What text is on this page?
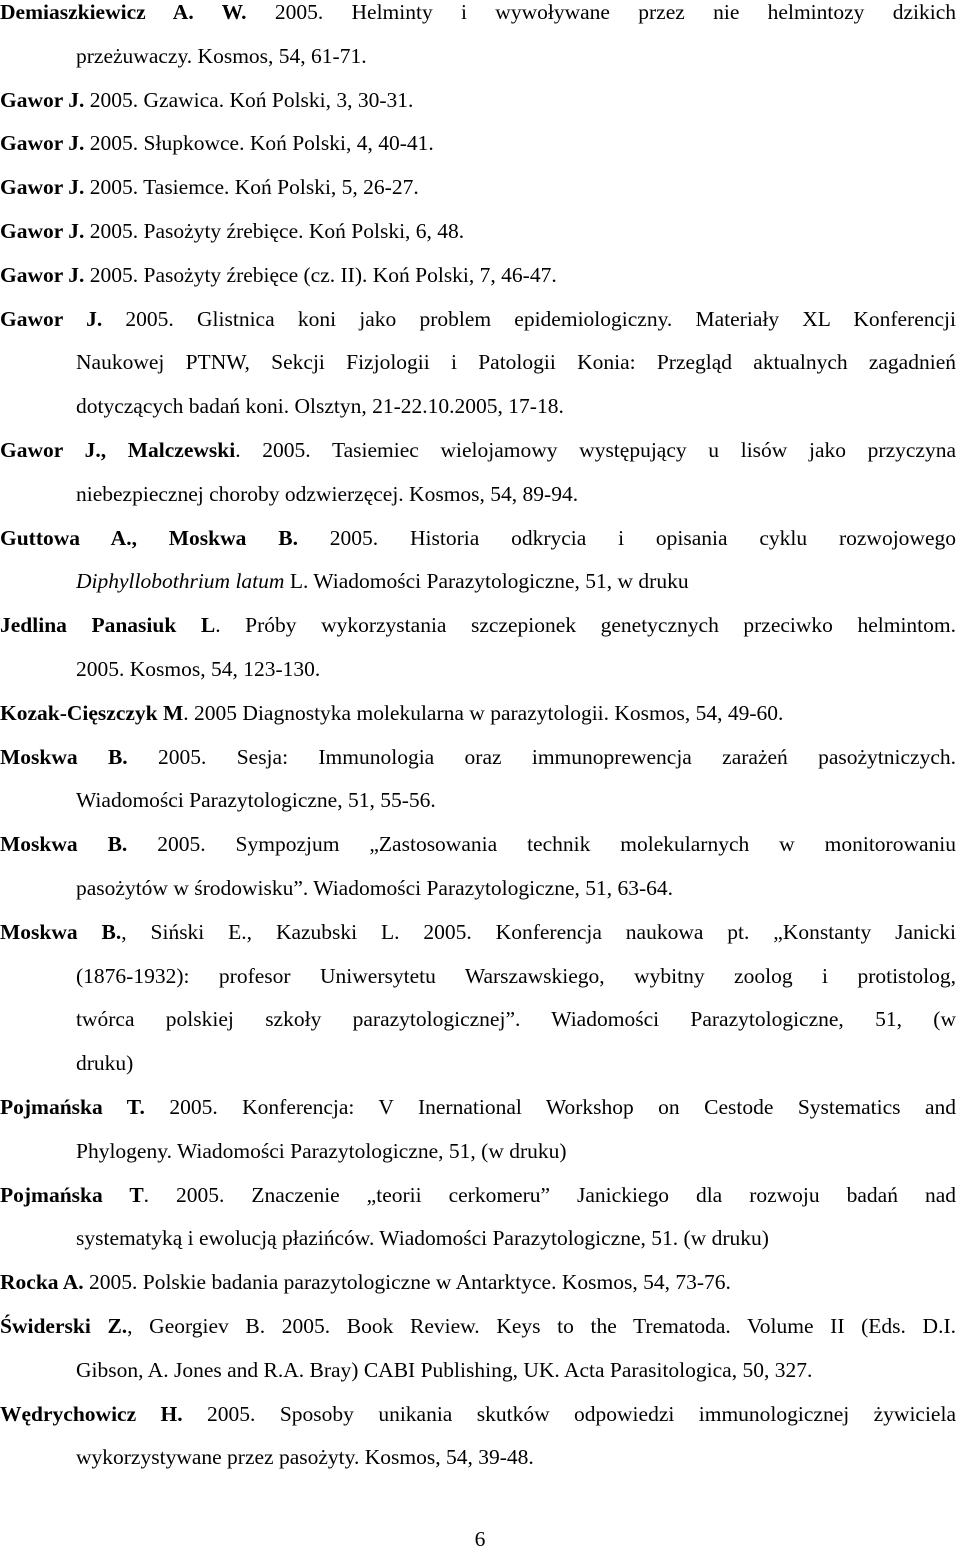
Demiaszkiewicz A. W. 2005. Helminty i wywoływane przez nie helmintozy dzikich
przeżuwaczy. Kosmos, 54, 61-71.
Gawor J. 2005. Gzawica. Koń Polski, 3, 30-31.
Gawor J. 2005. Słupkowce. Koń Polski, 4, 40-41.
Gawor J. 2005. Tasiemce. Koń Polski, 5, 26-27.
Gawor J. 2005. Pasożyty źrebięce. Koń Polski, 6, 48.
Gawor J. 2005. Pasożyty źrebięce (cz. II). Koń Polski, 7, 46-47.
Gawor J. 2005. Glistnica koni jako problem epidemiologiczny. Materiały XL Konferencji
Naukowej PTNW, Sekcji Fizjologii i Patologii Konia: Przegląd aktualnych zagadnień
dotyczących badań koni. Olsztyn, 21-22.10.2005, 17-18.
Gawor J., Malczewski. 2005. Tasiemiec wielojamowy występujący u lisów jako przyczyna
niebezpiecznej choroby odzwierzęcej. Kosmos, 54, 89-94.
Guttowa A., Moskwa B. 2005. Historia odkrycia i opisania cyklu rozwojowego
Diphyllobothrium latum L. Wiadomości Parazytologiczne, 51, w druku
Jedlina Panasiuk L. Próby wykorzystania szczepionek genetycznych przeciwko helmintom.
2005. Kosmos, 54, 123-130.
Kozak-Cięszczyk M. 2005 Diagnostyka molekularna w parazytologii. Kosmos, 54, 49-60.
Moskwa B. 2005. Sesja: Immunologia oraz immunoprewencja zarażeń pasożytniczych.
Wiadomości Parazytologiczne, 51, 55-56.
Moskwa B. 2005. Sympozjum „Zastosowania technik molekularnych w monitorowaniu
pasożytów w środowisku”. Wiadomości Parazytologiczne, 51, 63-64.
Moskwa B., Siński E., Kazubski L. 2005. Konferencja naukowa pt. „Konstanty Janicki
(1876-1932): profesor Uniwersytetu Warszawskiego, wybitny zoolog i protistolog,
twórca polskiej szkoły parazytologicznej”. Wiadomości Parazytologiczne, 51, (w
druku)
Pojmańska T. 2005. Konferencja: V Inernational Workshop on Cestode Systematics and
Phylogeny. Wiadomości Parazytologiczne, 51, (w druku)
Pojmańska T. 2005. Znaczenie „teorii cerkomeru” Janickiego dla rozwoju badań nad
systematyką i ewolucją płazińców. Wiadomości Parazytologiczne, 51. (w druku)
Rocka A. 2005. Polskie badania parazytologiczne w Antarktyce. Kosmos, 54, 73-76.
Świderski Z., Georgiev B. 2005. Book Review. Keys to the Trematoda. Volume II (Eds. D.I.
Gibson, A. Jones and R.A. Bray) CABI Publishing, UK. Acta Parasitologica, 50, 327.
Wędrychowicz H. 2005. Sposoby unikania skutków odpowiedzi immunologicznej żywiciela
wykorzystywane przez pasożyty. Kosmos, 54, 39-48.
6
